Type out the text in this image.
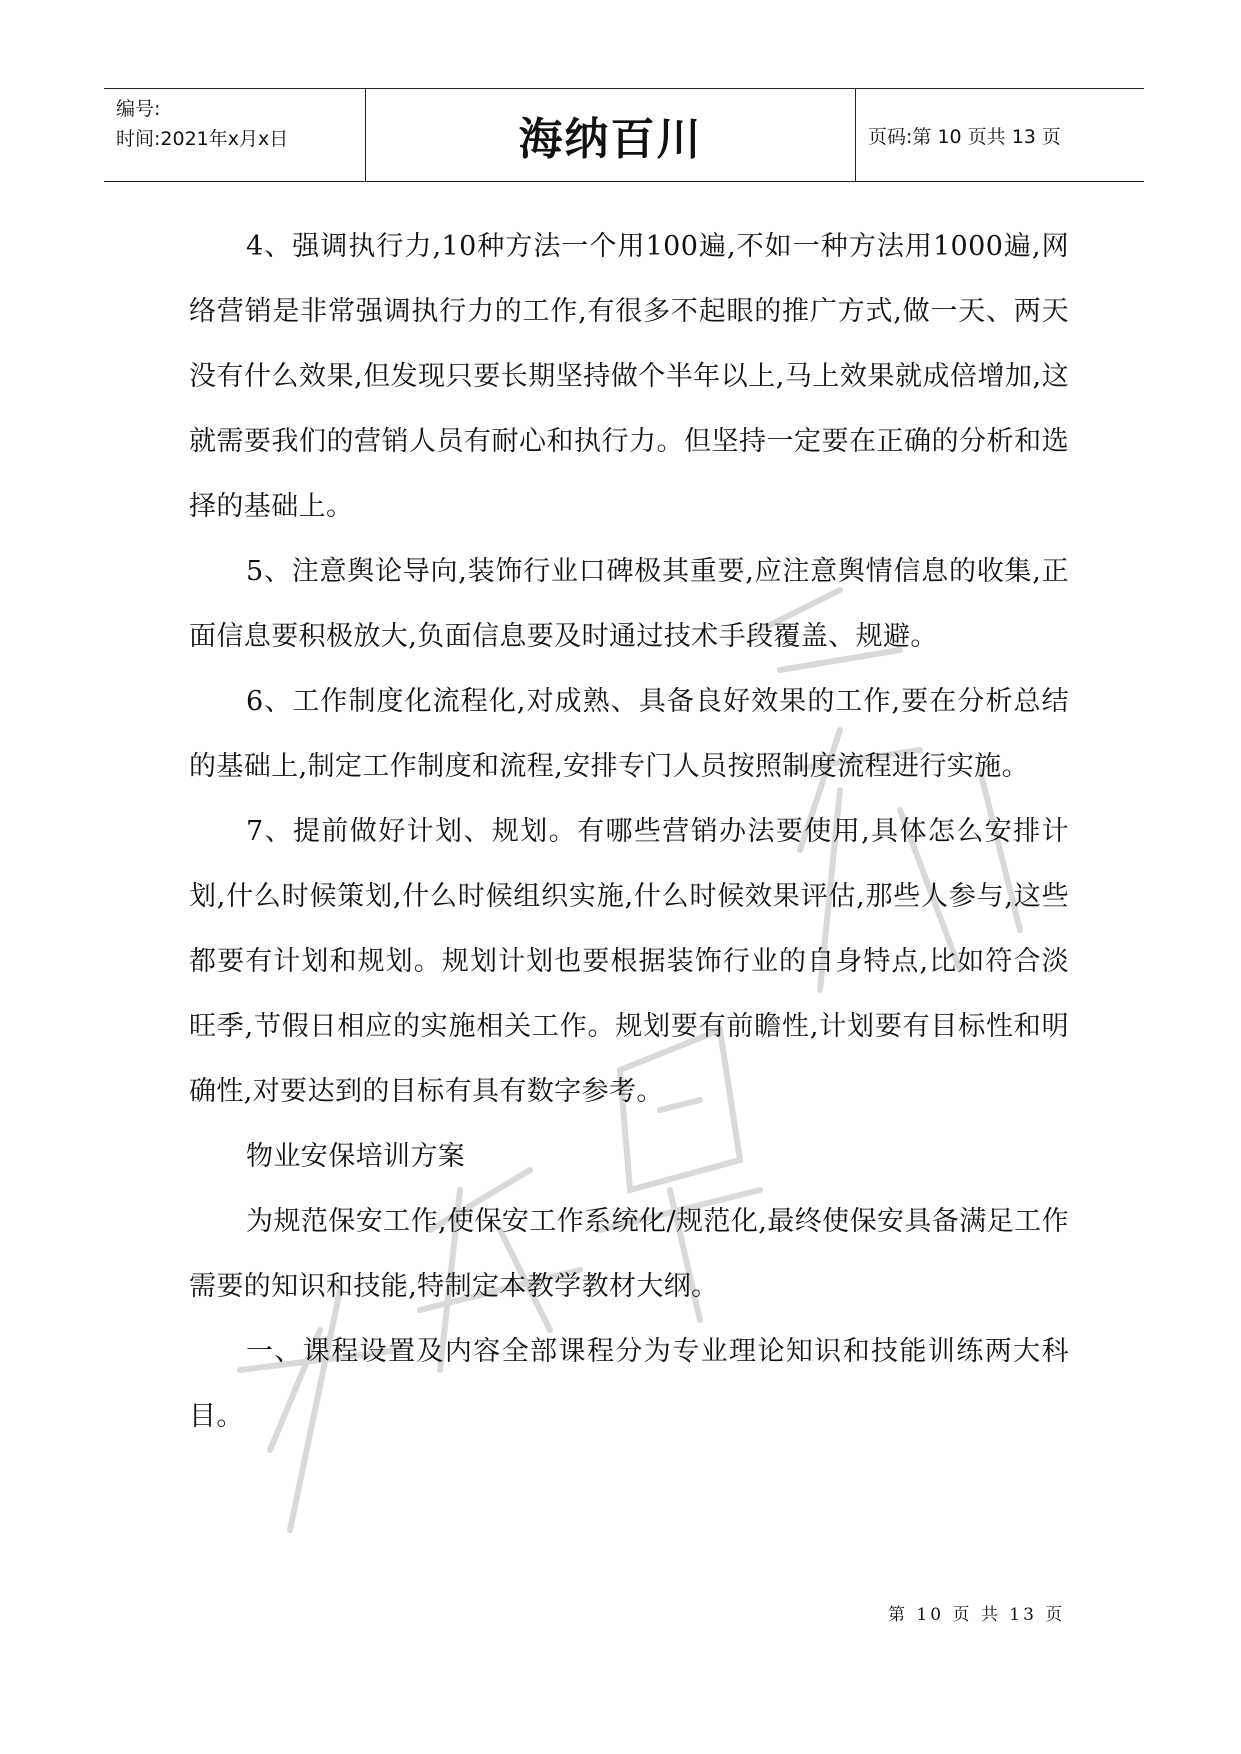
编号:
时间:2021年x月x日	海纳百川	页码:第 10 页共 13 页

4、强调执行力,10种方法一个用100遍,不如一种方法用1000遍,网络营销是非常强调执行力的工作,有很多不起眼的推广方式,做一天、两天没有什么效果,但发现只要长期坚持做个半年以上,马上效果就成倍增加,这就需要我们的营销人员有耐心和执行力。但坚持一定要在正确的分析和选择的基础上。

5、注意舆论导向,装饰行业口碑极其重要,应注意舆情信息的收集,正面信息要积极放大,负面信息要及时通过技术手段覆盖、规避。

6、工作制度化流程化,对成熟、具备良好效果的工作,要在分析总结的基础上,制定工作制度和流程,安排专门人员按照制度流程进行实施。

7、提前做好计划、规划。有哪些营销办法要使用,具体怎么安排计划,什么时候策划,什么时候组织实施,什么时候效果评估,那些人参与,这些都要有计划和规划。规划计划也要根据装饰行业的自身特点,比如符合淡旺季,节假日相应的实施相关工作。规划要有前瞻性,计划要有目标性和明确性,对要达到的目标有具有数字参考。

物业安保培训方案

为规范保安工作,使保安工作系统化/规范化,最终使保安具备满足工作需要的知识和技能,特制定本教学教材大纲。

一、课程设置及内容全部课程分为专业理论知识和技能训练两大科目。

第 10 页 共 13 页
